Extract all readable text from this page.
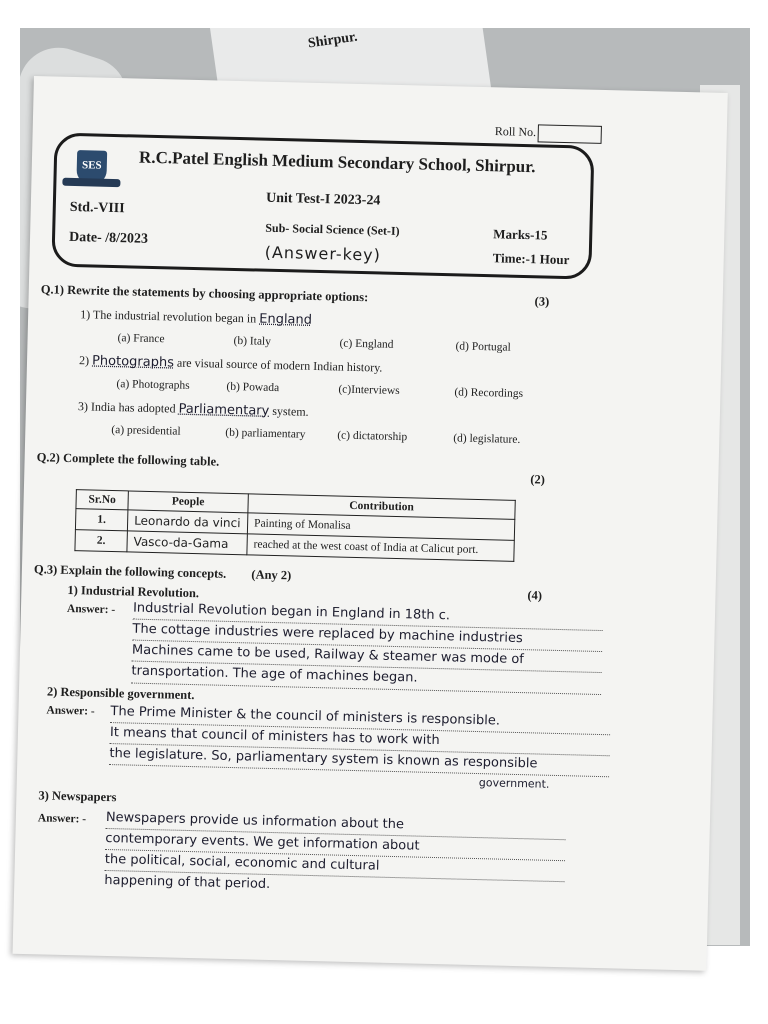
Shirpur.
Roll No.
SES	R.C.Patel English Medium Secondary School, Shirpur.
Std.-VIII
Date- /8/2023
Unit Test-I 2023-24
Sub- Social Science (Set-I)
(Answer-key)
Marks-15
Time:-1 Hour
Q.1) Rewrite the statements by choosing appropriate options:	(3)
1) The industrial revolution began in England
(a) France	(b) Italy	(c) England	(d) Portugal
2) Photographs are visual source of modern Indian history.
(a) Photographs	(b) Powada	(c)Interviews	(d) Recordings
3) India has adopted Parliamentary system.
(a) presidential	(b) parliamentary	(c) dictatorship	(d) legislature.
Q.2) Complete the following table.
(2)
Sr.No	People	Contribution
1.	Leonardo da vinci	Painting of Monalisa
2.	Vasco-da-Gama	reached at the west coast of India at Calicut port.
Q.3) Explain the following concepts. (Any 2)
(4)
1) Industrial Revolution.
Answer: - Industrial Revolution began in England in 18th c.
The cottage industries were replaced by machine industries
Machines came to be used, Railway & steamer was mode of
transportation. The age of machines began.
2) Responsible government.
Answer: - The Prime Minister & the council of ministers is responsible.
It means that council of ministers has to work with
the legislature. So, parliamentary system is known as responsible
government.
3) Newspapers
Answer: - Newspapers provide us information about the
contemporary events. We get information about
the political, social, economic and cultural
happening of that period.
